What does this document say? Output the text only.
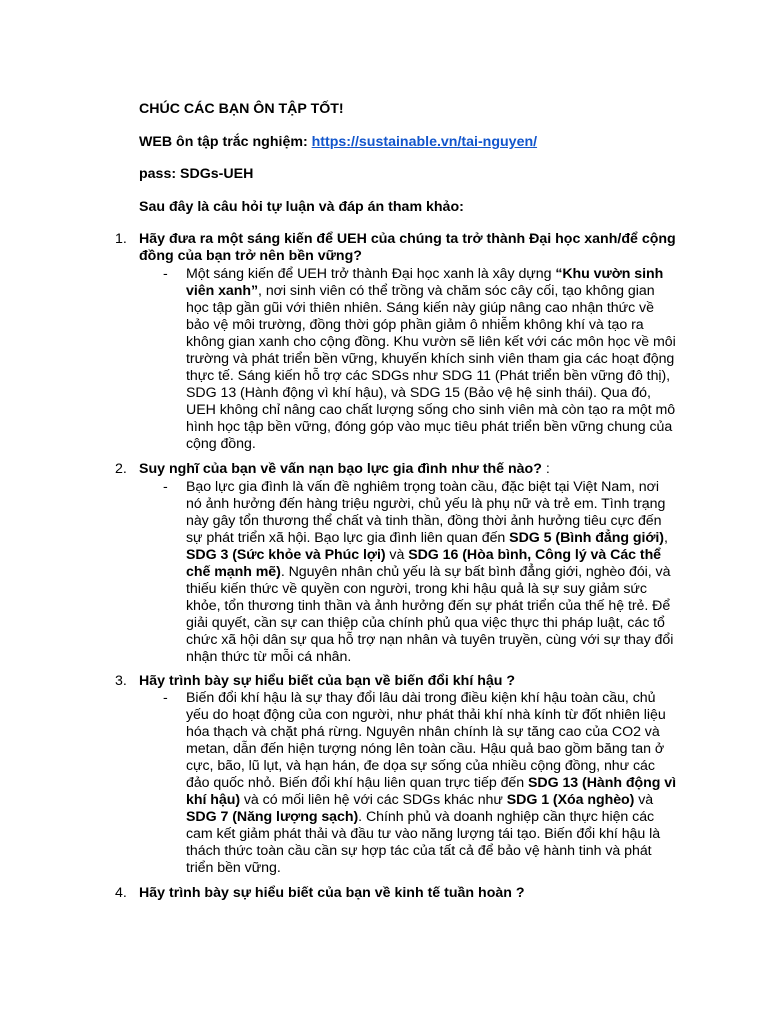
CHÚC CÁC BẠN ÔN TẬP TỐT!
WEB ôn tập trắc nghiệm: https://sustainable.vn/tai-nguyen/
pass: SDGs-UEH
Sau đây là câu hỏi tự luận và đáp án tham khảo:
1. Hãy đưa ra một sáng kiến để UEH của chúng ta trở thành Đại học xanh/để cộng đồng của bạn trở nên bền vững?
- Một sáng kiến để UEH trở thành Đại học xanh là xây dựng “Khu vườn sinh viên xanh”, nơi sinh viên có thể trồng và chăm sóc cây cối, tạo không gian học tập gần gũi với thiên nhiên. Sáng kiến này giúp nâng cao nhận thức về bảo vệ môi trường, đồng thời góp phần giảm ô nhiễm không khí và tạo ra không gian xanh cho cộng đồng. Khu vườn sẽ liên kết với các môn học về môi trường và phát triển bền vững, khuyến khích sinh viên tham gia các hoạt động thực tế. Sáng kiến hỗ trợ các SDGs như SDG 11 (Phát triển bền vững đô thị), SDG 13 (Hành động vì khí hậu), và SDG 15 (Bảo vệ hệ sinh thái). Qua đó, UEH không chỉ nâng cao chất lượng sống cho sinh viên mà còn tạo ra một mô hình học tập bền vững, đóng góp vào mục tiêu phát triển bền vững chung của cộng đồng.
2. Suy nghĩ của bạn về vấn nạn bạo lực gia đình như thế nào? :
- Bạo lực gia đình là vấn đề nghiêm trọng toàn cầu, đặc biệt tại Việt Nam, nơi nó ảnh hưởng đến hàng triệu người, chủ yếu là phụ nữ và trẻ em. Tình trạng này gây tổn thương thể chất và tinh thần, đồng thời ảnh hưởng tiêu cực đến sự phát triển xã hội. Bạo lực gia đình liên quan đến SDG 5 (Bình đẳng giới), SDG 3 (Sức khỏe và Phúc lợi) và SDG 16 (Hòa bình, Công lý và Các thể chế mạnh mẽ). Nguyên nhân chủ yếu là sự bất bình đẳng giới, nghèo đói, và thiếu kiến thức về quyền con người, trong khi hậu quả là sự suy giảm sức khỏe, tổn thương tinh thần và ảnh hưởng đến sự phát triển của thế hệ trẻ. Để giải quyết, cần sự can thiệp của chính phủ qua việc thực thi pháp luật, các tổ chức xã hội dân sự qua hỗ trợ nạn nhân và tuyên truyền, cùng với sự thay đổi nhận thức từ mỗi cá nhân.
3. Hãy trình bày sự hiểu biết của bạn về biến đổi khí hậu ?
- Biến đổi khí hậu là sự thay đổi lâu dài trong điều kiện khí hậu toàn cầu, chủ yếu do hoạt động của con người, như phát thải khí nhà kính từ đốt nhiên liệu hóa thạch và chặt phá rừng. Nguyên nhân chính là sự tăng cao của CO2 và metan, dẫn đến hiện tượng nóng lên toàn cầu. Hậu quả bao gồm băng tan ở cực, bão, lũ lụt, và hạn hán, đe dọa sự sống của nhiều cộng đồng, như các đảo quốc nhỏ. Biến đổi khí hậu liên quan trực tiếp đến SDG 13 (Hành động vì khí hậu) và có mối liên hệ với các SDGs khác như SDG 1 (Xóa nghèo) và SDG 7 (Năng lượng sạch). Chính phủ và doanh nghiệp cần thực hiện các cam kết giảm phát thải và đầu tư vào năng lượng tái tạo. Biến đổi khí hậu là thách thức toàn cầu cần sự hợp tác của tất cả để bảo vệ hành tinh và phát triển bền vững.
4. Hãy trình bày sự hiểu biết của bạn về kinh tế tuần hoàn ?
